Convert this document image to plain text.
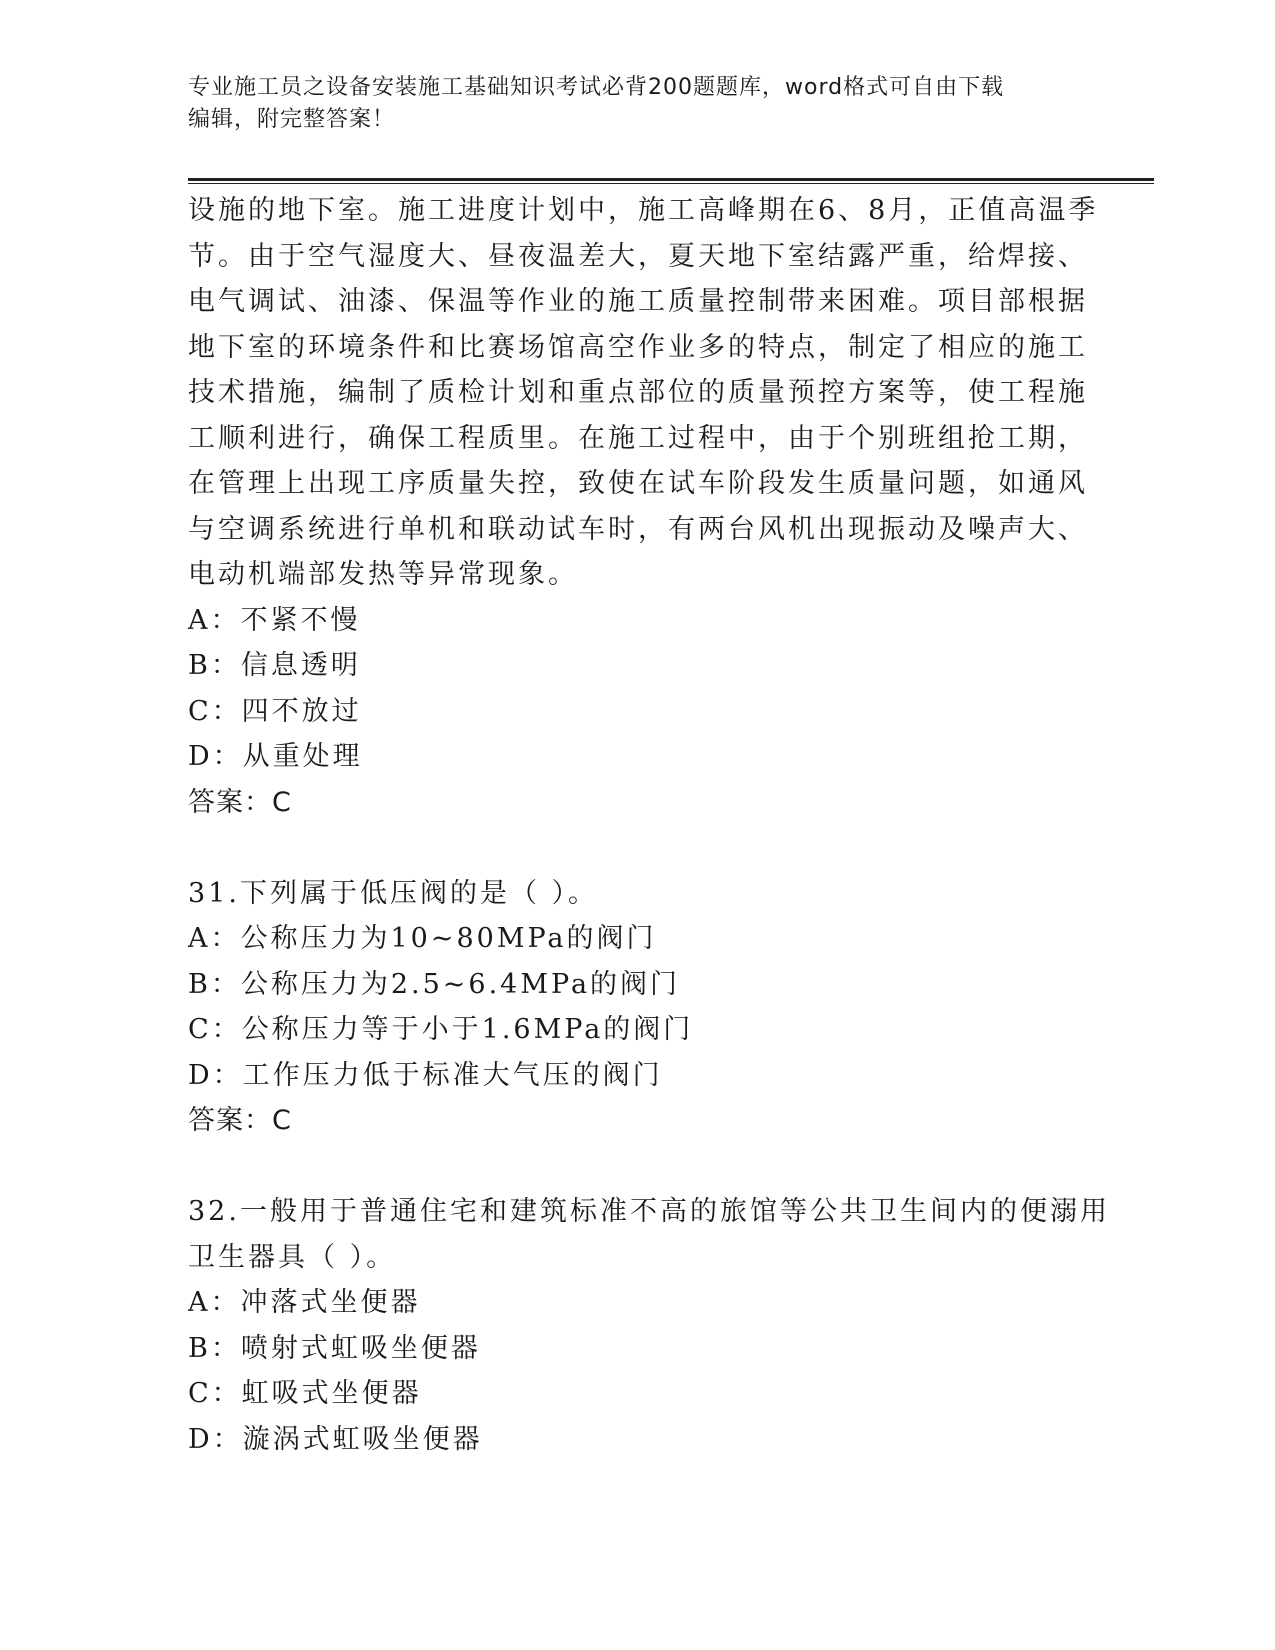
专业施工员之设备安装施工基础知识考试必背200题题库，word格式可自由下载
编辑，附完整答案！
设施的地下室。施工进度计划中，施工高峰期在6、8月，正值高温季
节。由于空气湿度大、昼夜温差大，夏天地下室结露严重，给焊接、
电气调试、油漆、保温等作业的施工质量控制带来困难。项目部根据
地下室的环境条件和比赛场馆高空作业多的特点，制定了相应的施工
技术措施，编制了质检计划和重点部位的质量预控方案等，使工程施
工顺利进行，确保工程质里。在施工过程中，由于个别班组抢工期，
在管理上出现工序质量失控，致使在试车阶段发生质量问题，如通风
与空调系统进行单机和联动试车时，有两台风机出现振动及噪声大、
电动机端部发热等异常现象。
A：不紧不慢
B：信息透明
C：四不放过
D：从重处理
答案：C
31.下列属于低压阀的是（ ）。
A：公称压力为10~80MPa的阀门
B：公称压力为2.5~6.4MPa的阀门
C：公称压力等于小于1.6MPa的阀门
D：工作压力低于标准大气压的阀门
答案：C
32.一般用于普通住宅和建筑标准不高的旅馆等公共卫生间内的便溺用
卫生器具（ ）。
A：冲落式坐便器
B：喷射式虹吸坐便器
C：虹吸式坐便器
D：漩涡式虹吸坐便器
